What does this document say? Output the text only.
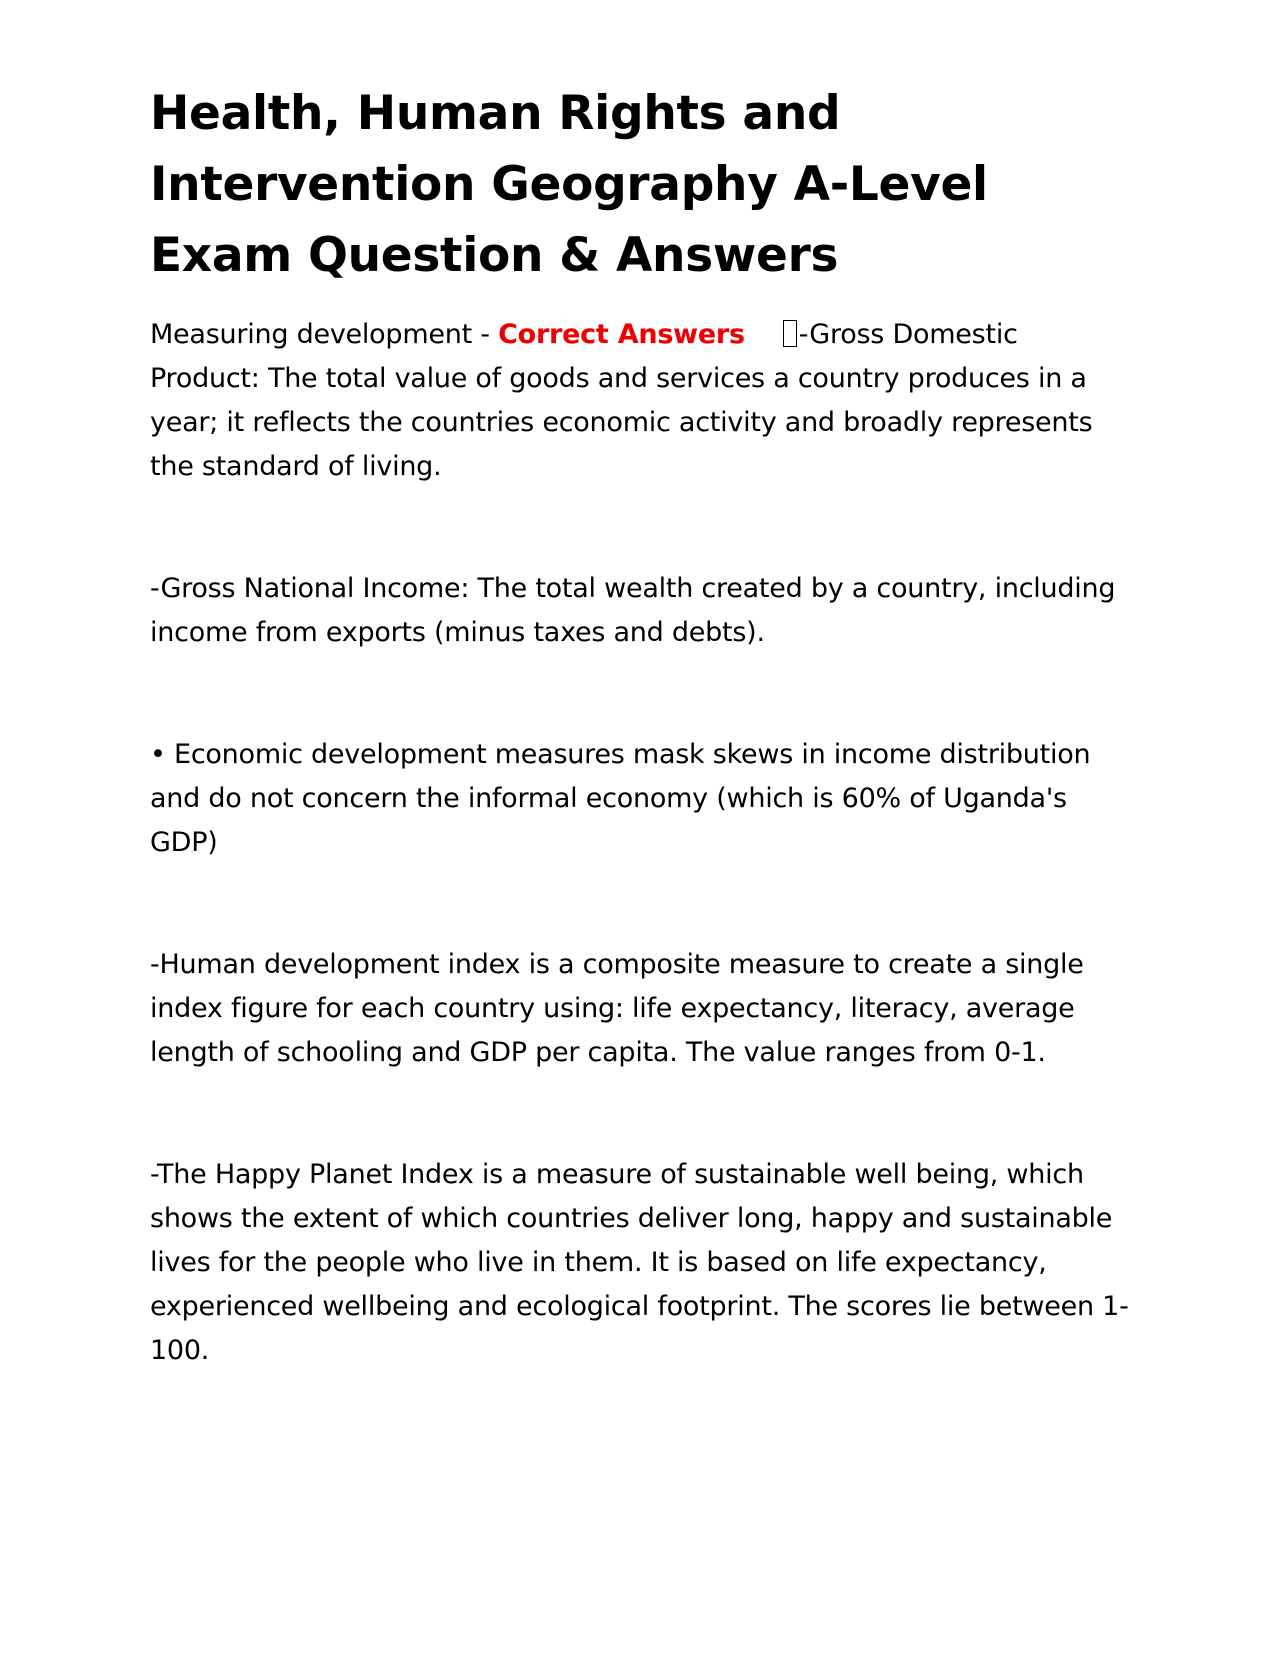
Health, Human Rights and Intervention Geography A-Level Exam Question & Answers

Measuring development - Correct Answers -Gross Domestic Product: The total value of goods and services a country produces in a year; it reflects the countries economic activity and broadly represents the standard of living.

-Gross National Income: The total wealth created by a country, including income from exports (minus taxes and debts).

• Economic development measures mask skews in income distribution and do not concern the informal economy (which is 60% of Uganda's GDP)

-Human development index is a composite measure to create a single index figure for each country using: life expectancy, literacy, average length of schooling and GDP per capita. The value ranges from 0-1.

-The Happy Planet Index is a measure of sustainable well being, which shows the extent of which countries deliver long, happy and sustainable lives for the people who live in them. It is based on life expectancy, experienced wellbeing and ecological footprint. The scores lie between 1-100.
